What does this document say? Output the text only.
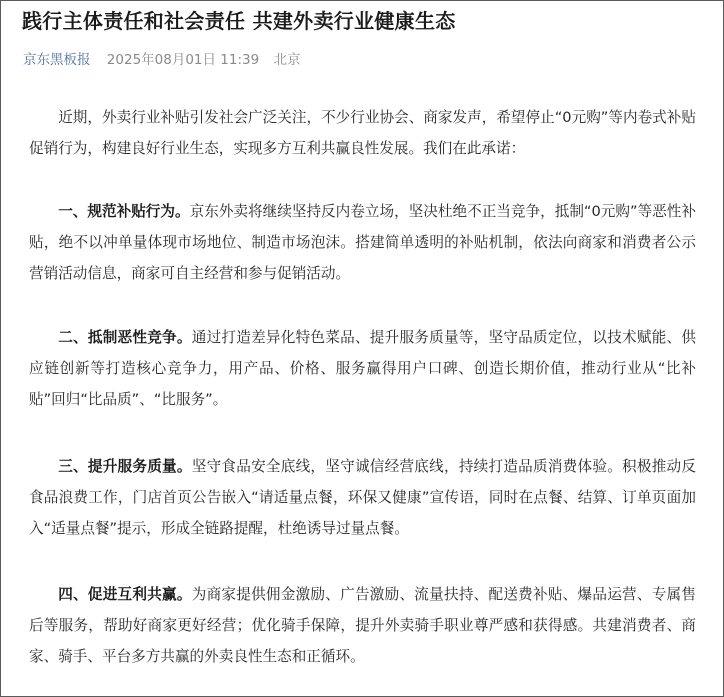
践行主体责任和社会责任 共建外卖行业健康生态
京东黑板报 2025年08月01日 11:39 北京

近期，外卖行业补贴引发社会广泛关注，不少行业协会、商家发声，希望停止“0元购”等内卷式补贴促销行为，构建良好行业生态，实现多方互利共赢良性发展。我们在此承诺：

一、规范补贴行为。京东外卖将继续坚持反内卷立场，坚决杜绝不正当竞争，抵制“0元购”等恶性补贴，绝不以冲单量体现市场地位、制造市场泡沫。搭建简单透明的补贴机制，依法向商家和消费者公示营销活动信息，商家可自主经营和参与促销活动。

二、抵制恶性竞争。通过打造差异化特色菜品、提升服务质量等，坚守品质定位，以技术赋能、供应链创新等打造核心竞争力，用产品、价格、服务赢得用户口碑、创造长期价值，推动行业从“比补贴”回归“比品质”、“比服务”。

三、提升服务质量。坚守食品安全底线，坚守诚信经营底线，持续打造品质消费体验。积极推动反食品浪费工作，门店首页公告嵌入“请适量点餐，环保又健康”宣传语，同时在点餐、结算、订单页面加入“适量点餐”提示，形成全链路提醒，杜绝诱导过量点餐。

四、促进互利共赢。为商家提供佣金激励、广告激励、流量扶持、配送费补贴、爆品运营、专属售后等服务，帮助好商家更好经营；优化骑手保障，提升外卖骑手职业尊严感和获得感。共建消费者、商家、骑手、平台多方共赢的外卖良性生态和正循环。
